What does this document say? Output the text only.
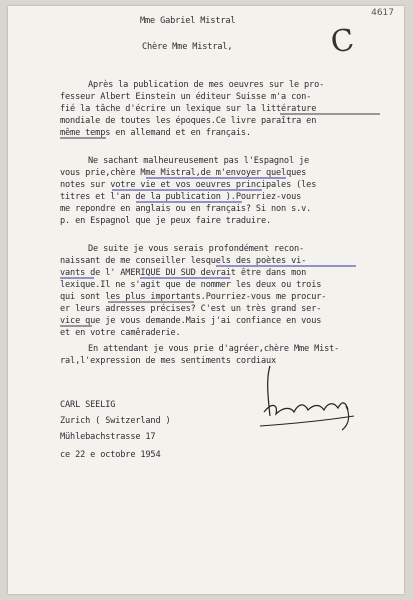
4617
C
Mme Gabriel Mistral
Chère Mme Mistral,
Après la publication de mes oeuvres sur le pro-
fesseur Albert Einstein un éditeur Suisse m'a con-
fié la tâche d'écrire un lexique sur la littérature
mondiale de toutes les époques.Ce livre paraîtra en
même temps en allemand et en français.
Ne sachant malheureusement pas l'Espagnol je
vous prie,chère Mme Mistral,de m'envoyer quelques
notes sur votre vie et vos oeuvres principales (les
titres et l'an de la publication ).Pourriez-vous
me repondre en anglais ou en français? Si non s.v.
p. en Espagnol que je peux faire traduire.
De suite je vous serais profondément recon-
naissant de me conseiller lesquels des poètes vi-
vants de l' AMERIQUE DU SUD devrait être dans mon
lexique.Il ne s'agit que de nommer les deux ou trois
qui sont les plus importants.Pourriez-vous me procur-
er leurs adresses précises? C'est un très grand ser-
vice que je vous demande.Mais j'ai confiance en vous
et en votre camêraderie.
En attendant je vous prie d'agréer,chère Mme Mist-
ral,l'expression de mes sentiments cordiaux
CARL SEELIG
Zurich ( Switzerland )
Mühlebachstrasse 17
ce 22 e octobre 1954
